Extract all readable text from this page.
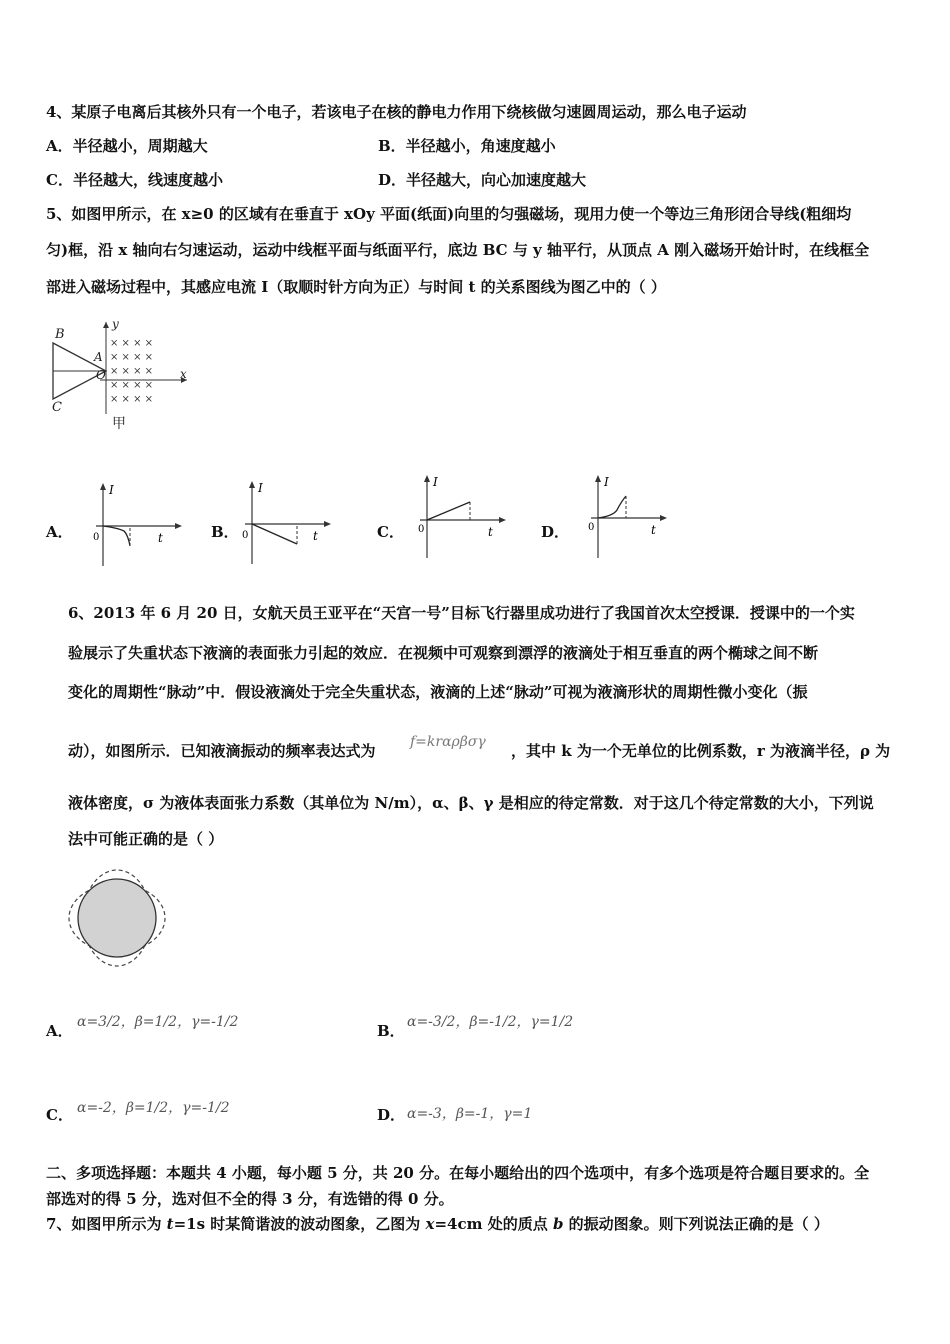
4、某原子电离后其核外只有一个电子，若该电子在核的静电力作用下绕核做匀速圆周运动，那么电子运动
A．半径越小，周期越大	B．半径越小，角速度越小
C．半径越大，线速度越小	D．半径越大，向心加速度越大
5、如图甲所示，在 x≥0 的区域有在垂直于 xOy 平面(纸面)向里的匀强磁场，现用力使一个等边三角形闭合导线(粗细均
匀)框，沿 x 轴向右匀速运动，运动中线框平面与纸面平行，底边 BC 与 y 轴平行，从顶点 A 刚入磁场开始计时，在线框全
部进入磁场过程中，其感应电流 I（取顺时针方向为正）与时间 t 的关系图线为图乙中的（ ）
× × × ×
× × × ×
× × × ×
× × × ×
× × × ×
B
A
O	x
y
C
甲
A．	B．	C．	D．
I
0	t
I
0	t
I
0	t
I
0	t
6、2013 年 6 月 20 日，女航天员王亚平在“天宫一号”目标飞行器里成功进行了我国首次太空授课．授课中的一个实
验展示了失重状态下液滴的表面张力引起的效应．在视频中可观察到漂浮的液滴处于相互垂直的两个椭球之间不断
变化的周期性“脉动”中．假设液滴处于完全失重状态，液滴的上述“脉动”可视为液滴形状的周期性微小变化（振
动），如图所示．已知液滴振动的频率表达式为 f=krαρβσγ ，其中 k 为一个无单位的比例系数，r 为液滴半径，ρ 为
液体密度，σ 为液体表面张力系数（其单位为 N/m），α、β、γ 是相应的待定常数．对于这几个待定常数的大小，下列说
法中可能正确的是（ ）
A． α=3/2，β=1/2，γ=-1/2	B． α=-3/2，β=-1/2，γ=1/2
C． α=-2，β=1/2，γ=-1/2	D． α=-3，β=-1，γ=1
二、多项选择题：本题共 4 小题，每小题 5 分，共 20 分。在每小题给出的四个选项中，有多个选项是符合题目要求的。全
部选对的得 5 分，选对但不全的得 3 分，有选错的得 0 分。
7、如图甲所示为 t=1s 时某简谐波的波动图象，乙图为 x=4cm 处的质点 b 的振动图象。则下列说法正确的是（ ）
